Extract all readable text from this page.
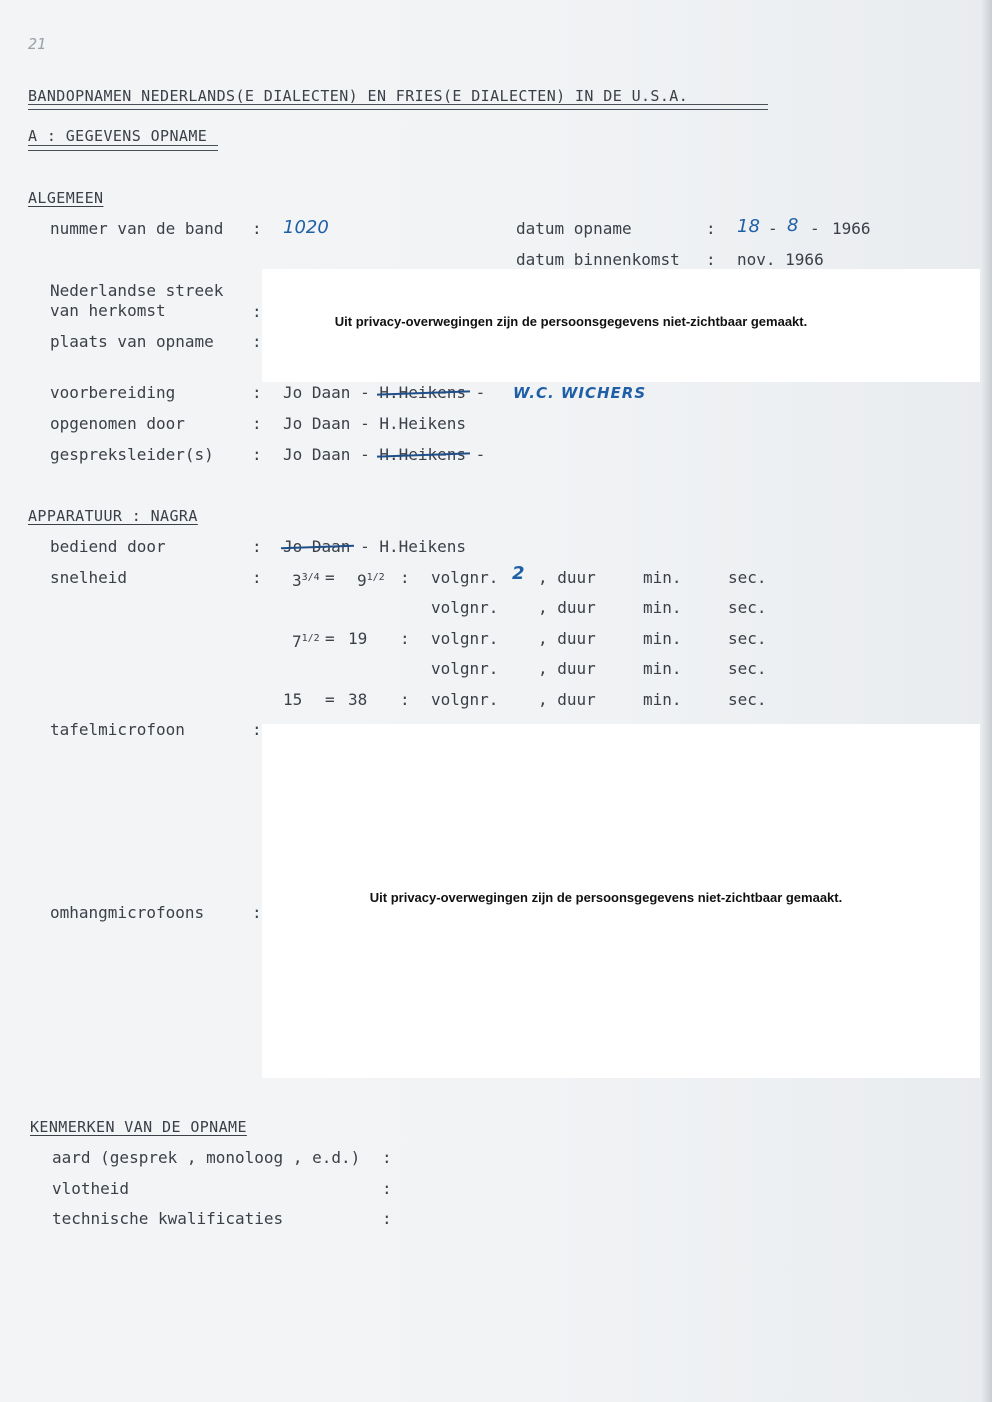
21
BANDOPNAMEN NEDERLANDS(E DIALECTEN) EN FRIES(E DIALECTEN) IN DE U.S.A.
A : GEGEVENS OPNAME
ALGEMEEN
nummer van de band : 1020	datum opname	: 18 - 8 - 1966
datum binnenkomst : nov. 1966
Nederlandse streek
van herkomst	:
plaats van opname :
Uit privacy-overwegingen zijn de persoonsgegevens niet-zichtbaar gemaakt.
voorbereiding	: Jo Daan - H.Heikens - W.C. WICHERS
opgenomen door	: Jo Daan - H.Heikens
gespreksleider(s) : Jo Daan - H.Heikens -
APPARATUUR : NAGRA
bediend door	: Jo Daan - H.Heikens
snelheid	: $3^{3/4} = 9^{1/2}$ : volgnr. 2 , duur	min.	sec.
volgnr. , duur	min.	sec.
$7^{1/2} = 19$ : volgnr. , duur	min.	sec.
volgnr. , duur	min.	sec.
15 = 38 : volgnr. , duur	min.	sec.
tafelmicrofoon	:
Uit privacy-overwegingen zijn de persoonsgegevens niet-zichtbaar gemaakt.
omhangmicrofoons	:
KENMERKEN VAN DE OPNAME
aard (gesprek , monoloog , e.d.) :
vlotheid	:
technische kwalificaties	:
